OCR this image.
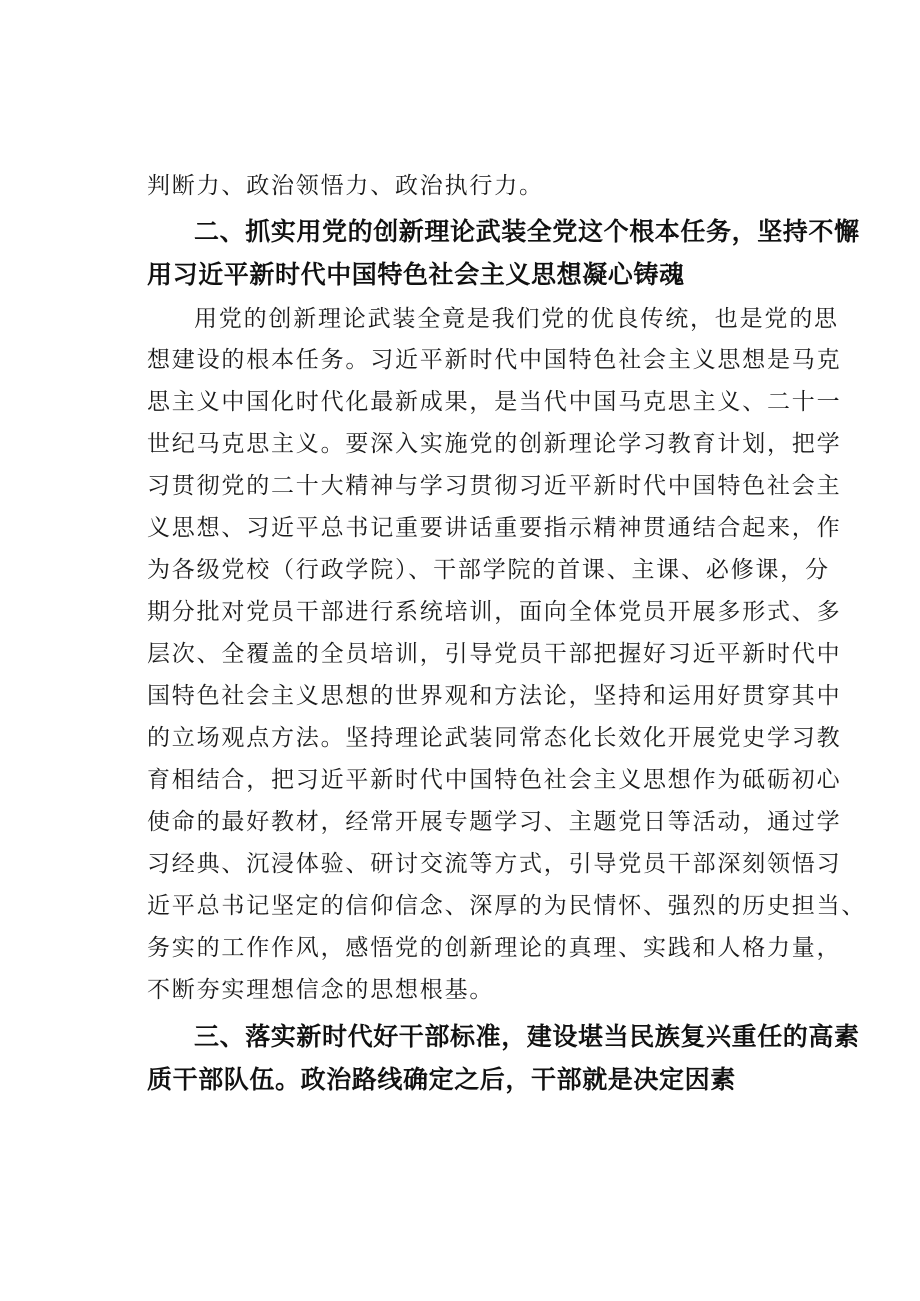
判断力、政治领悟力、政治执行力。

二、抓实用党的创新理论武装全党这个根本任务，坚持不懈

用习近平新时代中国特色社会主义思想凝心铸魂

用党的创新理论武装全竟是我们党的优良传统，也是党的思

想建设的根本任务。习近平新时代中国特色社会主义思想是马克

思主义中国化时代化最新成果，是当代中国马克思主义、二十一

世纪马克思主义。要深入实施党的创新理论学习教育计划，把学

习贯彻党的二十大精神与学习贯彻习近平新时代中国特色社会主

义思想、习近平总书记重要讲话重要指示精神贯通结合起来，作

为各级党校（行政学院）、干部学院的首课、主课、必修课，分

期分批对党员干部进行系统培训，面向全体党员开展多形式、多

层次、全覆盖的全员培训，引导党员干部把握好习近平新时代中

国特色社会主义思想的世界观和方法论，坚持和运用好贯穿其中

的立场观点方法。坚持理论武装同常态化长效化开展党史学习教

育相结合，把习近平新时代中国特色社会主义思想作为砥砺初心

使命的最好教材，经常开展专题学习、主题党日等活动，通过学

习经典、沉浸体验、研讨交流等方式，引导党员干部深刻领悟习

近平总书记坚定的信仰信念、深厚的为民情怀、强烈的历史担当、

务实的工作作风，感悟党的创新理论的真理、实践和人格力量，

不断夯实理想信念的思想根基。

三、落实新时代好干部标准，建设堪当民族复兴重任的高素

质干部队伍。政治路线确定之后，干部就是决定因素
